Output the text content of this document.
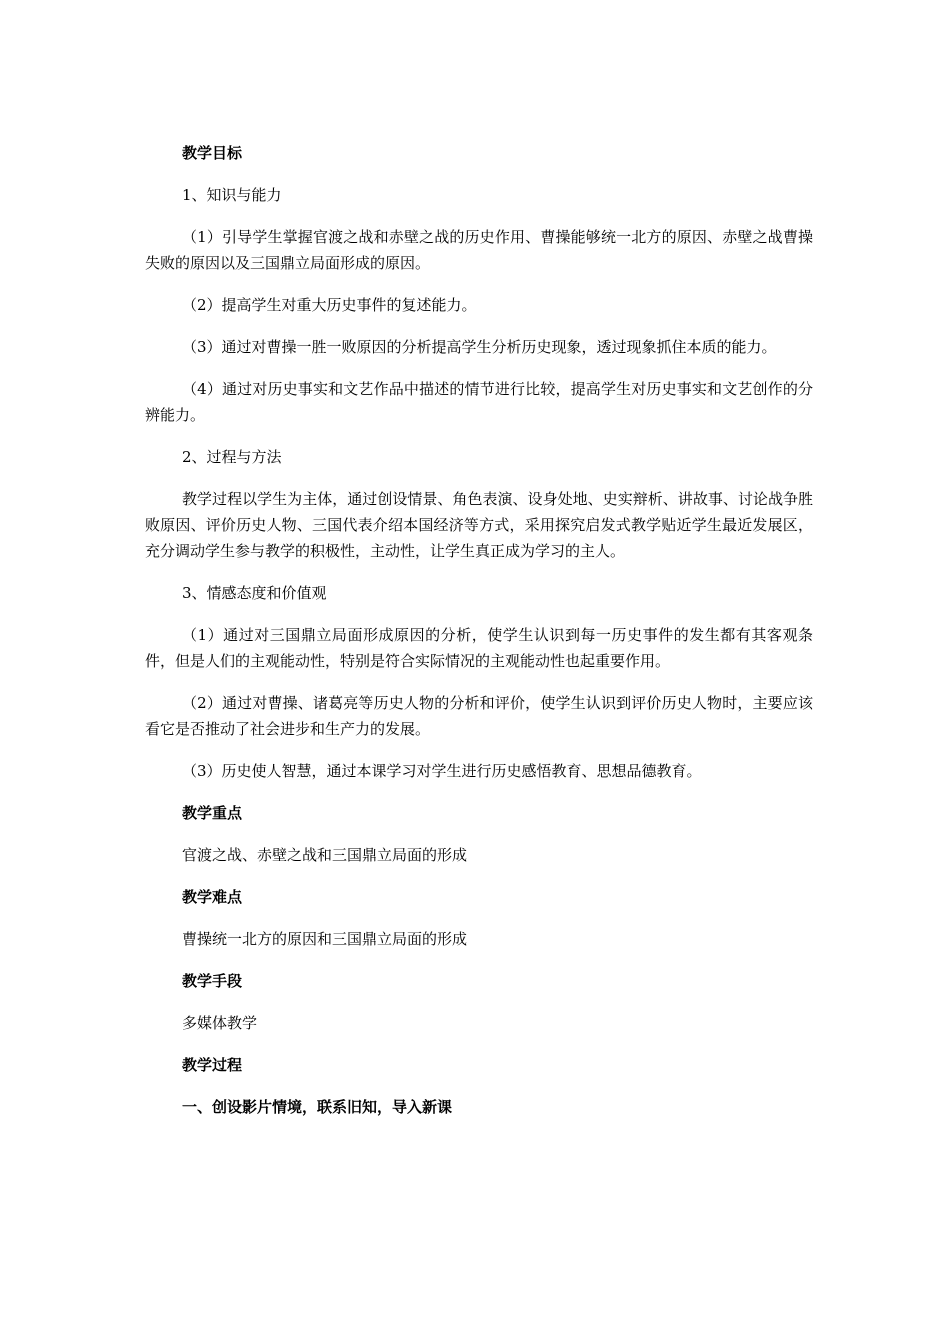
教学目标

1、知识与能力

（1）引导学生掌握官渡之战和赤壁之战的历史作用、曹操能够统一北方的原因、赤壁之战曹操失败的原因以及三国鼎立局面形成的原因。

（2）提高学生对重大历史事件的复述能力。

（3）通过对曹操一胜一败原因的分析提高学生分析历史现象，透过现象抓住本质的能力。

（4）通过对历史事实和文艺作品中描述的情节进行比较，提高学生对历史事实和文艺创作的分辨能力。

2、过程与方法

教学过程以学生为主体，通过创设情景、角色表演、设身处地、史实辩析、讲故事、讨论战争胜败原因、评价历史人物、三国代表介绍本国经济等方式，采用探究启发式教学贴近学生最近发展区，充分调动学生参与教学的积极性，主动性，让学生真正成为学习的主人。

3、情感态度和价值观

（1）通过对三国鼎立局面形成原因的分析，使学生认识到每一历史事件的发生都有其客观条件，但是人们的主观能动性，特别是符合实际情况的主观能动性也起重要作用。

（2）通过对曹操、诸葛亮等历史人物的分析和评价，使学生认识到评价历史人物时，主要应该看它是否推动了社会进步和生产力的发展。

（3）历史使人智慧，通过本课学习对学生进行历史感悟教育、思想品德教育。

教学重点

官渡之战、赤壁之战和三国鼎立局面的形成

教学难点

曹操统一北方的原因和三国鼎立局面的形成

教学手段

多媒体教学

教学过程

一、创设影片情境，联系旧知，导入新课
